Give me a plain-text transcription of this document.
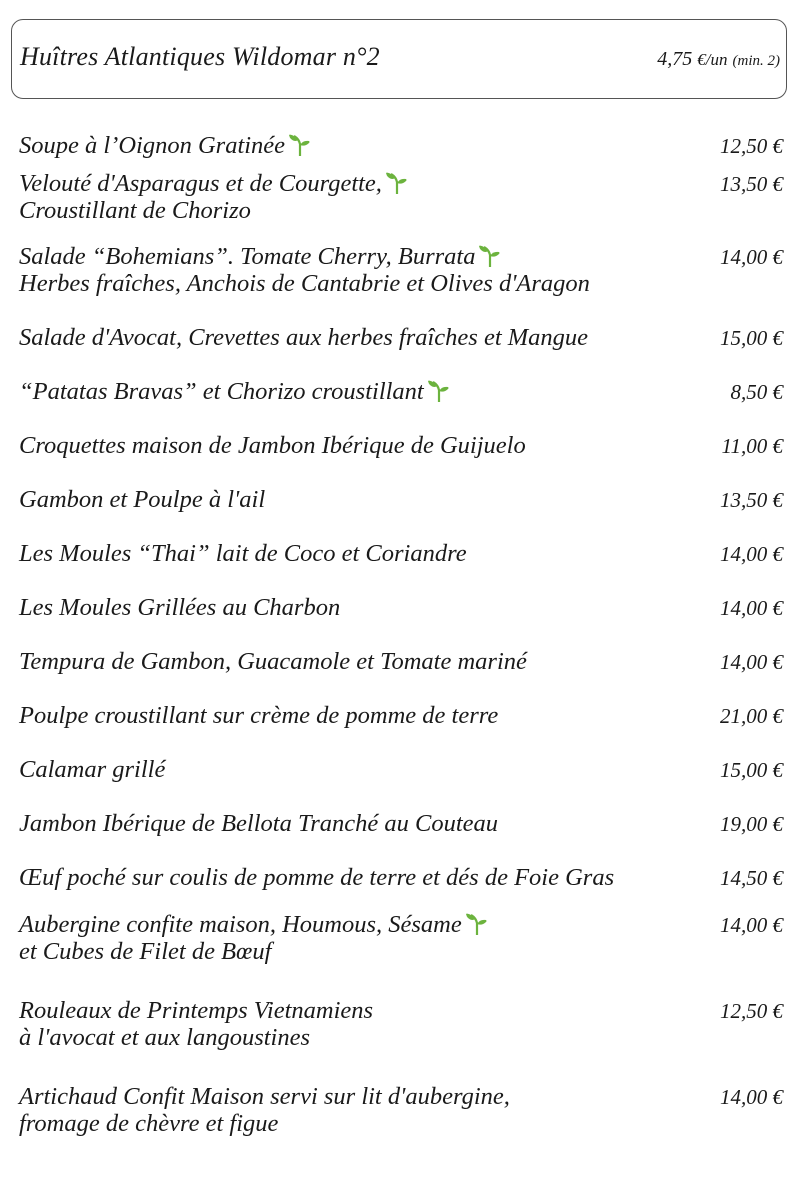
Huîtres Atlantiques Wildomar n°2	4,75 €/un (min. 2)
Soupe à l’Oignon Gratinée	12,50 €
Velouté d'Asparagus et de Courgette,
Croustillant de Chorizo
13,50 €
Salade “Bohemians”. Tomate Cherry, Burrata
Herbes fraîches, Anchois de Cantabrie et Olives d'Aragon
14,00 €
Salade d'Avocat, Crevettes aux herbes fraîches et Mangue	15,00 €
“Patatas Bravas” et Chorizo croustillant	8,50 €
Croquettes maison de Jambon Ibérique de Guijuelo	11,00 €
Gambon et Poulpe à l'ail	13,50 €
Les Moules “Thai” lait de Coco et Coriandre	14,00 €
Les Moules Grillées au Charbon	14,00 €
Tempura de Gambon, Guacamole et Tomate mariné	14,00 €
Poulpe croustillant sur crème de pomme de terre	21,00 €
Calamar grillé	15,00 €
Jambon Ibérique de Bellota Tranché au Couteau	19,00 €
Œuf poché sur coulis de pomme de terre et dés de Foie Gras	14,50 €
Aubergine confite maison, Houmous, Sésame
et Cubes de Filet de Bœuf
14,00 €
Rouleaux de Printemps Vietnamiens
à l'avocat et aux langoustines
12,50 €
Artichaud Confit Maison servi sur lit d'aubergine,
fromage de chèvre et figue
14,00 €
